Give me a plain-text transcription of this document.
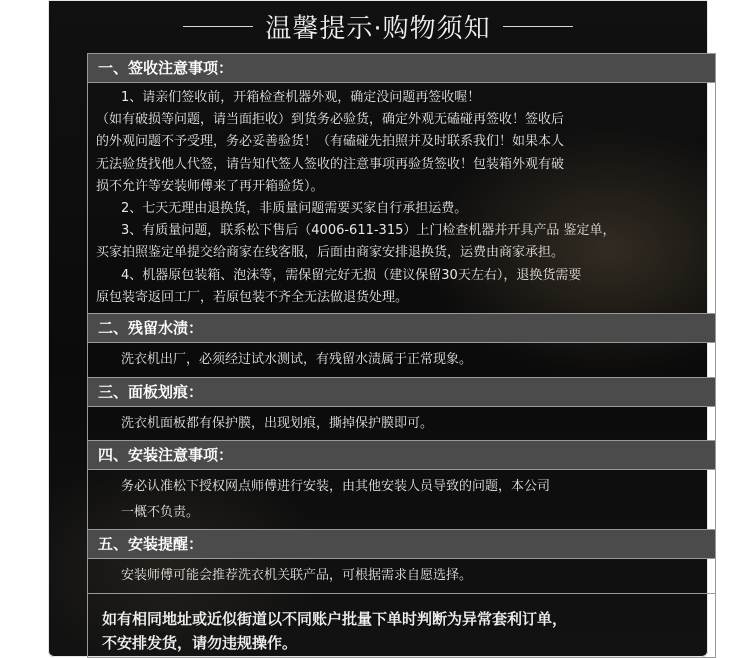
温馨提示·购物须知
一、签收注意事项：
1、请亲们签收前，开箱检查机器外观，确定没问题再签收喔！
（如有破损等问题，请当面拒收）到货务必验货，确定外观无磕碰再签收！签收后
的外观问题不予受理，务必妥善验货！（有磕碰先拍照并及时联系我们！如果本人
无法验货找他人代签，请告知代签人签收的注意事项再验货签收！包装箱外观有破
损不允许等安装师傅来了再开箱验货）。
2、七天无理由退换货，非质量问题需要买家自行承担运费。
3、有质量问题，联系松下售后（4006-611-315）上门检查机器并开具产品 鉴定单，
买家拍照鉴定单提交给商家在线客服，后面由商家安排退换货，运费由商家承担。
4、机器原包装箱、泡沫等，需保留完好无损（建议保留30天左右），退换货需要
原包装寄返回工厂，若原包装不齐全无法做退货处理。
二、残留水渍：
洗衣机出厂，必须经过试水测试，有残留水渍属于正常现象。
三、面板划痕：
洗衣机面板都有保护膜，出现划痕，撕掉保护膜即可。
四、安装注意事项：
务必认准松下授权网点师傅进行安装，由其他安装人员导致的问题，本公司
一概不负责。
五、安装提醒：
安装师傅可能会推荐洗衣机关联产品，可根据需求自愿选择。
如有相同地址或近似街道以不同账户批量下单时判断为异常套利订单，
不安排发货，请勿违规操作。
